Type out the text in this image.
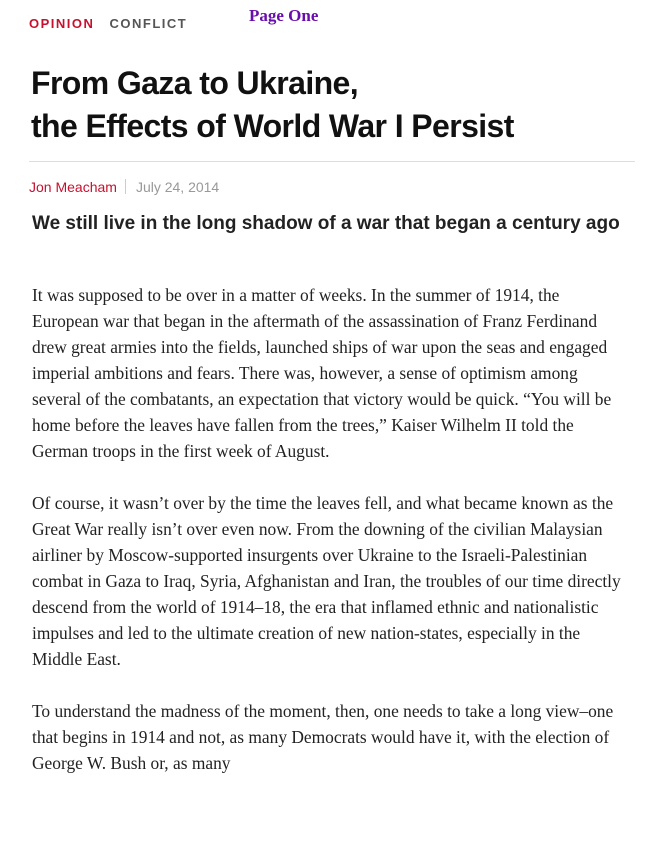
Page One
OPINION CONFLICT
From Gaza to Ukraine,
the Effects of World War I Persist
Jon Meacham July 24, 2014
We still live in the long shadow of a war that began a century ago

It was supposed to be over in a matter of weeks. In the summer of 1914, the European war that began in the aftermath of the assassination of Franz Ferdinand drew great armies into the fields, launched ships of war upon the seas and engaged imperial ambitions and fears. There was, however, a sense of optimism among several of the combatants, an expectation that victory would be quick. “You will be home before the leaves have fallen from the trees,” Kaiser Wilhelm II told the German troops in the first week of August.

Of course, it wasn’t over by the time the leaves fell, and what became known as the Great War really isn’t over even now. From the downing of the civilian Malaysian airliner by Moscow-supported insurgents over Ukraine to the Israeli-Palestinian combat in Gaza to Iraq, Syria, Afghanistan and Iran, the troubles of our time directly descend from the world of 1914–18, the era that inflamed ethnic and nationalistic impulses and led to the ultimate creation of new nation-states, especially in the Middle East.

To understand the madness of the moment, then, one needs to take a long view–one that begins in 1914 and not, as many Democrats would have it, with the election of George W. Bush or, as many
